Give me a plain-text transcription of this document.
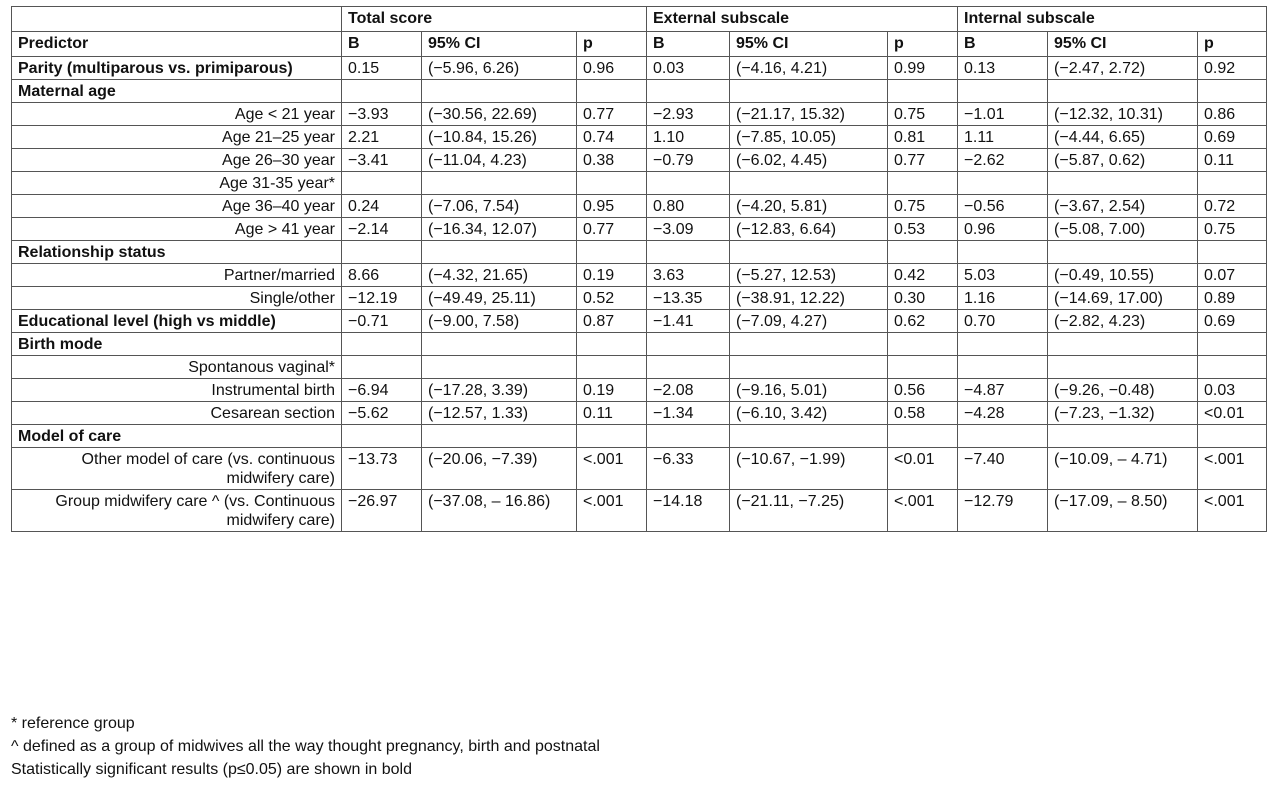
	Total score			External subscale			Internal subscale		
Predictor	B	95% CI	p	B	95% CI	p	B	95% CI	p
Parity (multiparous vs. primiparous)	0.15	(−5.96, 6.26)	0.96	0.03	(−4.16, 4.21)	0.99	0.13	(−2.47, 2.72)	0.92
Maternal age									
Age < 21 year	−3.93	(−30.56, 22.69)	0.77	−2.93	(−21.17, 15.32)	0.75	−1.01	(−12.32, 10.31)	0.86
Age 21–25 year	2.21	(−10.84, 15.26)	0.74	1.10	(−7.85, 10.05)	0.81	1.11	(−4.44, 6.65)	0.69
Age 26–30 year	−3.41	(−11.04, 4.23)	0.38	−0.79	(−6.02, 4.45)	0.77	−2.62	(−5.87, 0.62)	0.11
Age 31-35 year*									
Age 36–40 year	0.24	(−7.06, 7.54)	0.95	0.80	(−4.20, 5.81)	0.75	−0.56	(−3.67, 2.54)	0.72
Age > 41 year	−2.14	(−16.34, 12.07)	0.77	−3.09	(−12.83, 6.64)	0.53	0.96	(−5.08, 7.00)	0.75
Relationship status									
Partner/married	8.66	(−4.32, 21.65)	0.19	3.63	(−5.27, 12.53)	0.42	5.03	(−0.49, 10.55)	0.07
Single/other	−12.19	(−49.49, 25.11)	0.52	−13.35	(−38.91, 12.22)	0.30	1.16	(−14.69, 17.00)	0.89
Educational level (high vs middle)	−0.71	(−9.00, 7.58)	0.87	−1.41	(−7.09, 4.27)	0.62	0.70	(−2.82, 4.23)	0.69
Birth mode									
Spontanous vaginal*									
Instrumental birth	−6.94	(−17.28, 3.39)	0.19	−2.08	(−9.16, 5.01)	0.56	−4.87	(−9.26, −0.48)	0.03
Cesarean section	−5.62	(−12.57, 1.33)	0.11	−1.34	(−6.10, 3.42)	0.58	−4.28	(−7.23, −1.32)	<0.01
Model of care									
Other model of care (vs. continuous midwifery care)	−13.73	(−20.06, −7.39)	<.001	−6.33	(−10.67, −1.99)	<0.01	−7.40	(−10.09, – 4.71)	<.001
Group midwifery care ^ (vs. Continuous midwifery care)	−26.97	(−37.08, – 16.86)	<.001	−14.18	(−21.11, −7.25)	<.001	−12.79	(−17.09, – 8.50)	<.001
* reference group
^ defined as a group of midwives all the way thought pregnancy, birth and postnatal
Statistically significant results (p≤0.05) are shown in bold
